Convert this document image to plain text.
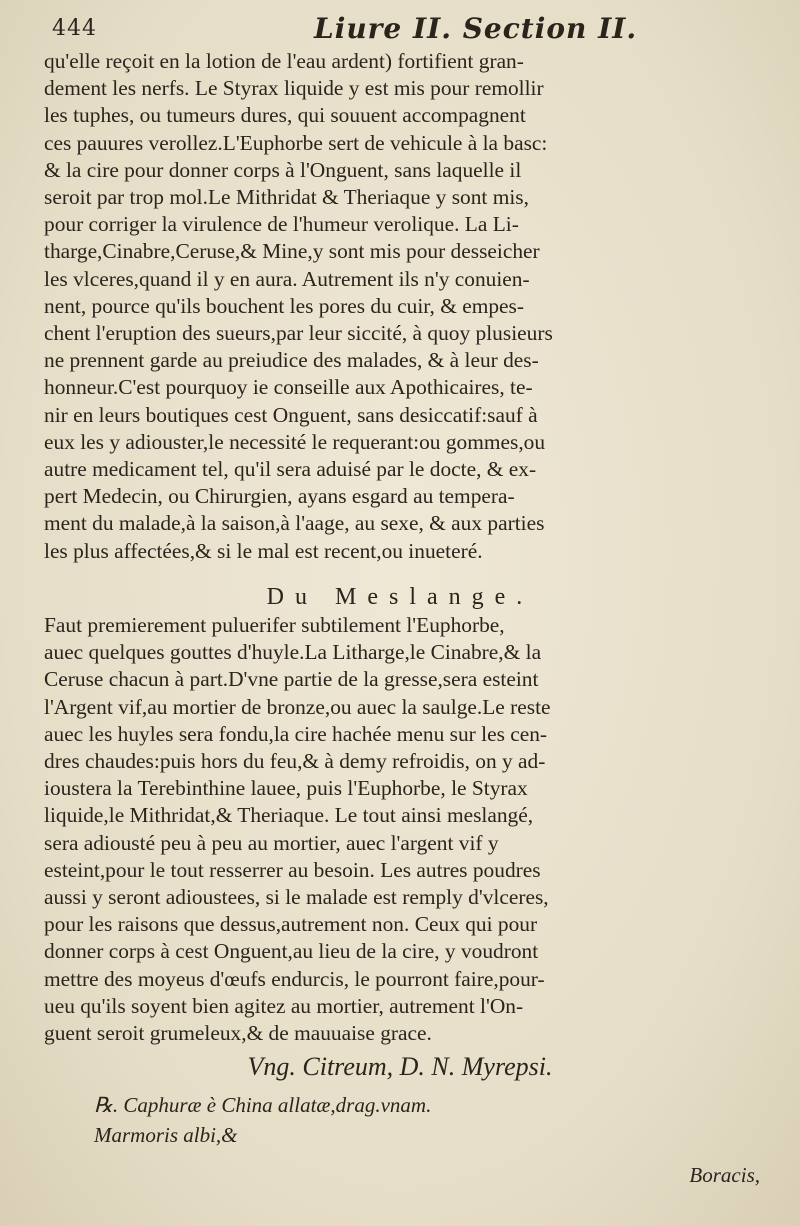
444	Liure II. Section II.
qu'elle reçoit en la lotion de l'eau ardent) fortifient gran-
dement les nerfs. Le Styrax liquide y est mis pour remollir
les tuphes, ou tumeurs dures, qui souuent accompagnent
ces pauures verollez.L'Euphorbe sert de vehicule à la basc:
& la cire pour donner corps à l'Onguent, sans laquelle il
seroit par trop mol.Le Mithridat & Theriaque y sont mis,
pour corriger la virulence de l'humeur verolique. La Li-
tharge,Cinabre,Ceruse,& Mine,y sont mis pour desseicher
les vlceres,quand il y en aura. Autrement ils n'y conuien-
nent, pource qu'ils bouchent les pores du cuir, & empes-
chent l'eruption des sueurs,par leur siccité, à quoy plusieurs
ne prennent garde au preiudice des malades, & à leur des-
honneur.C'est pourquoy ie conseille aux Apothicaires, te-
nir en leurs boutiques cest Onguent, sans desiccatif:sauf à
eux les y adiouster,le necessité le requerant:ou gommes,ou
autre medicament tel, qu'il sera aduisé par le docte, & ex-
pert Medecin, ou Chirurgien, ayans esgard au tempera-
ment du malade,à la saison,à l'aage, au sexe, & aux parties
les plus affectées,& si le mal est recent,ou inueteré.
Du Meslange.
Faut premierement puluerifer subtilement l'Euphorbe,
auec quelques gouttes d'huyle.La Litharge,le Cinabre,& la
Ceruse chacun à part.D'vne partie de la gresse,sera esteint
l'Argent vif,au mortier de bronze,ou auec la saulge.Le reste
auec les huyles sera fondu,la cire hachée menu sur les cen-
dres chaudes:puis hors du feu,& à demy refroidis, on y ad-
ioustera la Terebinthine lauee, puis l'Euphorbe, le Styrax
liquide,le Mithridat,& Theriaque. Le tout ainsi meslangé,
sera adiousté peu à peu au mortier, auec l'argent vif y
esteint,pour le tout resserrer au besoin. Les autres poudres
aussi y seront adioustees, si le malade est remply d'vlceres,
pour les raisons que dessus,autrement non. Ceux qui pour
donner corps à cest Onguent,au lieu de la cire, y voudront
mettre des moyeus d'œufs endurcis, le pourront faire,pour-
ueu qu'ils soyent bien agitez au mortier, autrement l'On-
guent seroit grumeleux,& de mauuaise grace.
Vng. Citreum, D. N. Myrepsi.
℞. Caphuræ è China allatæ,drag.vnam.
Marmoris albi,&
Boracis,
